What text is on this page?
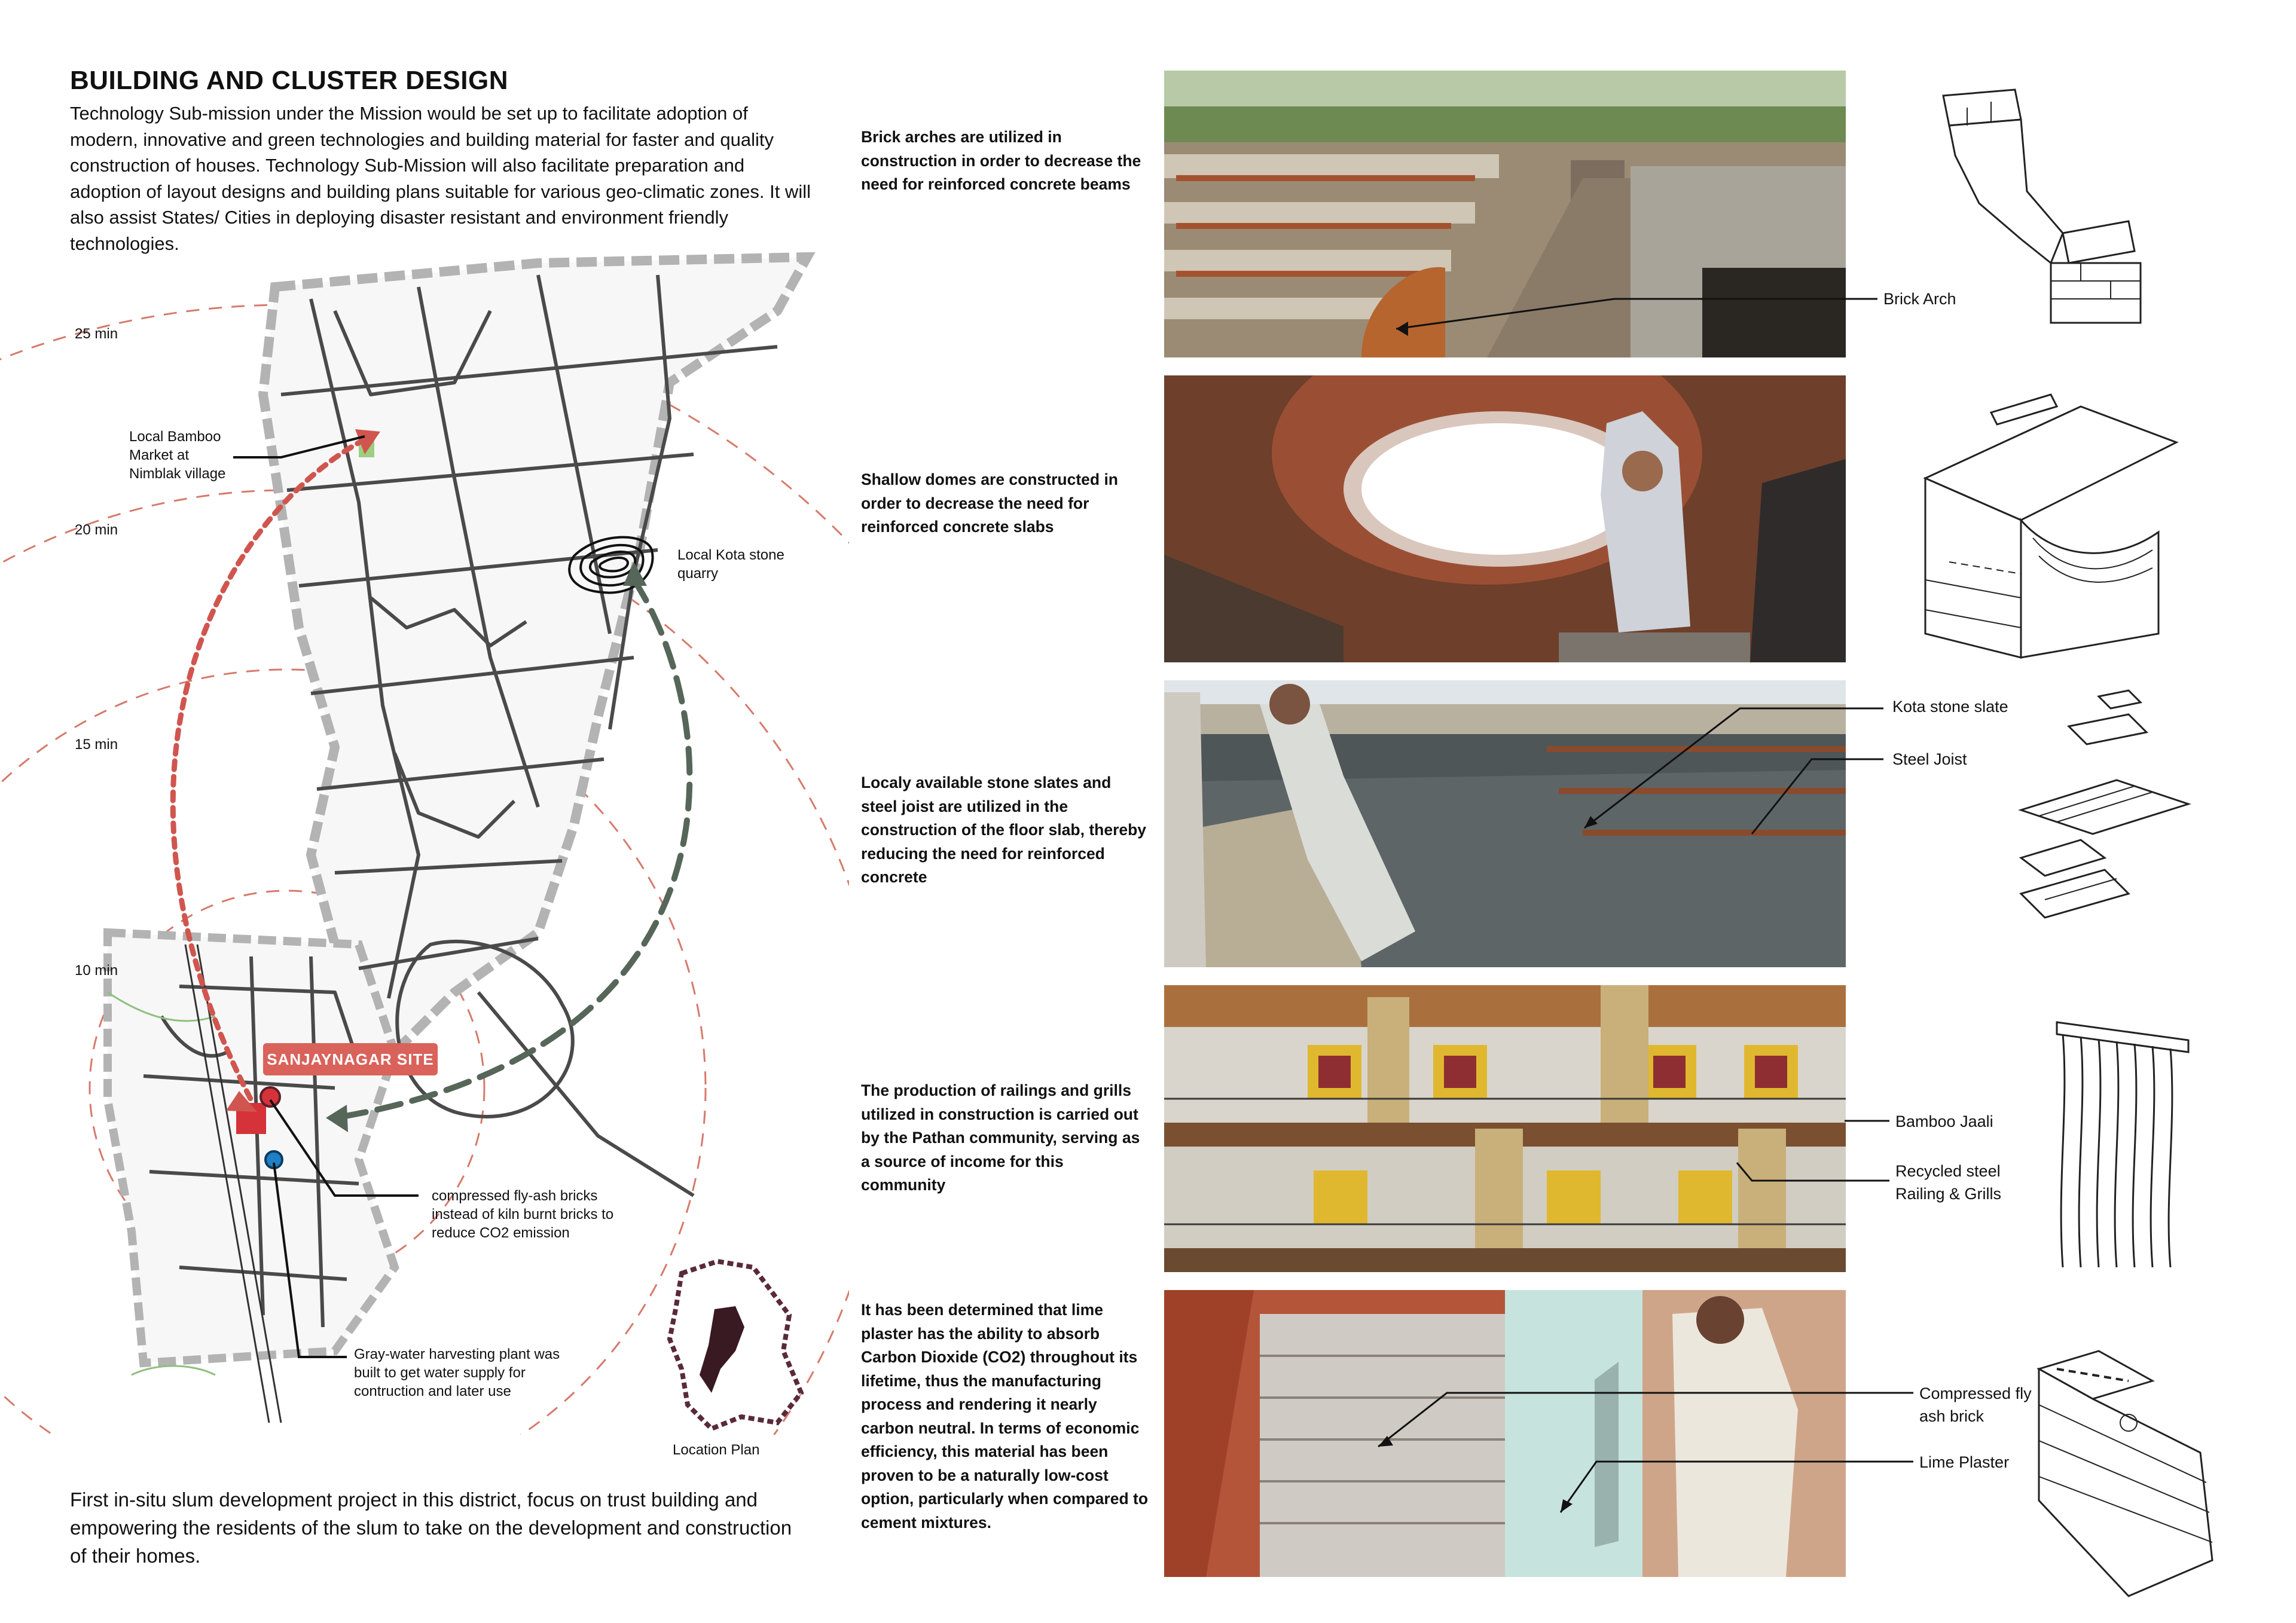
BUILDING AND CLUSTER DESIGN
Technology Sub-mission under the Mission would be set up to facilitate adoption of modern, innovative and green technologies and building material for faster and quality construction of houses. Technology Sub-Mission will also facilitate preparation and adoption of layout designs and building plans suitable for various geo-climatic zones. It will also assist States/ Cities in deploying disaster resistant and environment friendly technologies.
First in-situ slum development project in this district, focus on trust building and empowering the residents of the slum to take on the development and construction of their homes.
25 min
20 min
15 min
10 min
Local Bamboo Market at Nimblak village
Local Kota stone quarry
SANJAYNAGAR SITE
compressed fly-ash bricks instead of kiln burnt bricks to reduce CO2 emission
Gray-water harvesting plant was built to get water supply for contruction and later use
Location Plan
Brick arches are utilized in construction in order to decrease the need for reinforced concrete beams
Shallow domes are constructed in order to decrease the need for reinforced concrete slabs
Localy available stone slates and steel joist are utilized in the construction of the floor slab, thereby reducing the need for reinforced concrete
The production of railings and grills utilized in construction is carried out by the Pathan community, serving as a source of income for this community
It has been determined that lime plaster has the ability to absorb Carbon Dioxide (CO2) throughout its lifetime, thus the manufacturing process and rendering it nearly carbon neutral. In terms of economic efficiency, this material has been proven to be a naturally low-cost option, particularly when compared to cement mixtures.
Brick Arch
Kota stone slate
Steel Joist
Bamboo Jaali
Recycled steel Railing & Grills
Compressed fly ash brick
Lime Plaster
